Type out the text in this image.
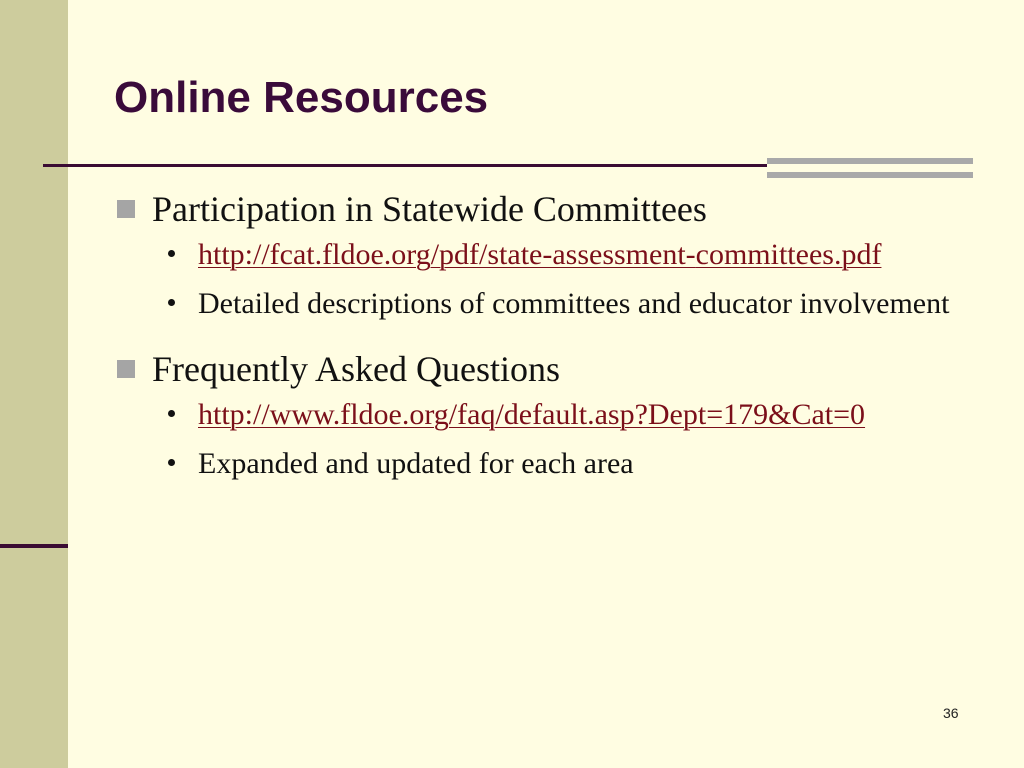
Online Resources
Participation in Statewide Committees
http://fcat.fldoe.org/pdf/state-assessment-committees.pdf
Detailed descriptions of committees and educator involvement
Frequently Asked Questions
http://www.fldoe.org/faq/default.asp?Dept=179&Cat=0
Expanded and updated for each area
36
